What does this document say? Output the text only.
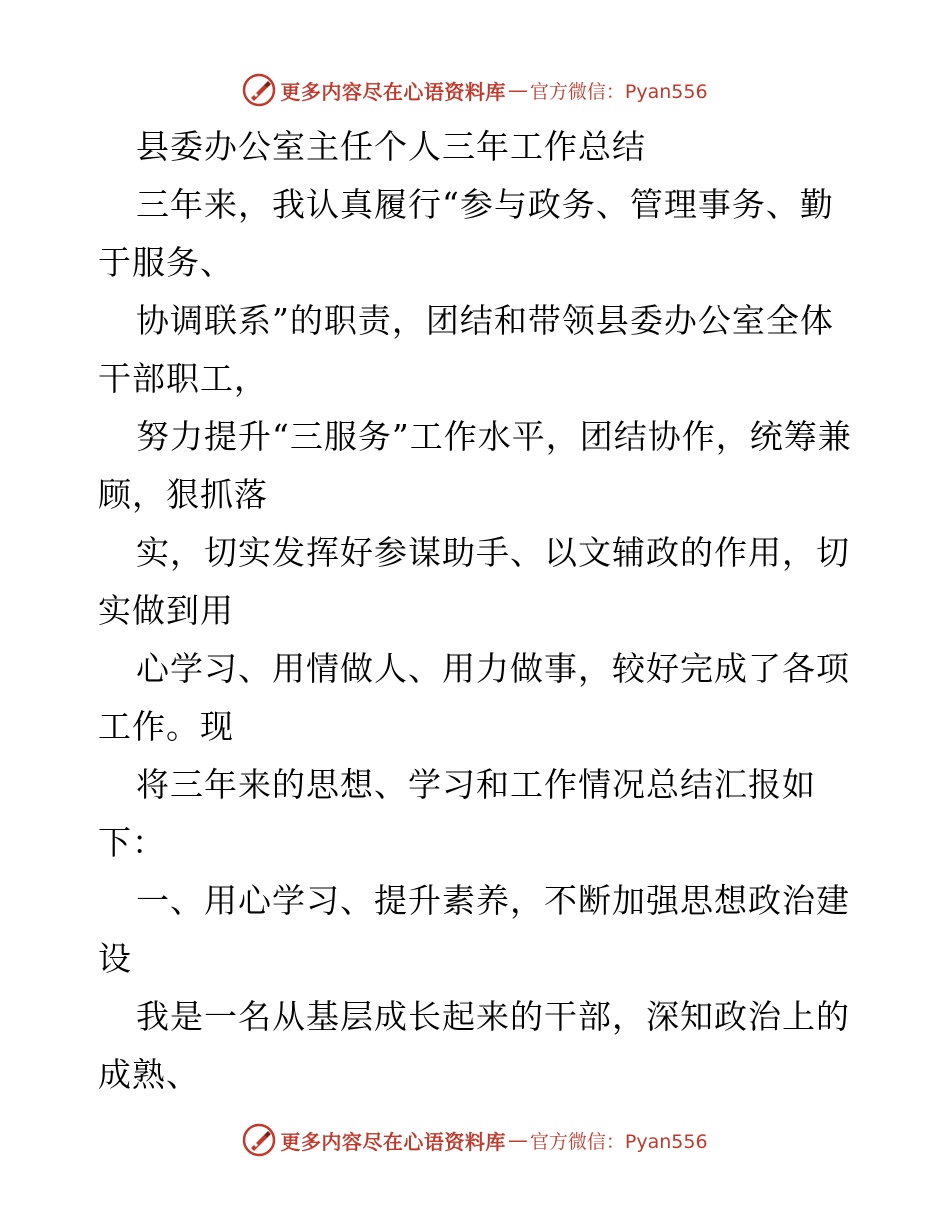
更多内容尽在心语资料库 — 官方微信：Pyan556

县委办公室主任个人三年工作总结

三年来，我认真履行“参与政务、管理事务、勤于服务、

协调联系”的职责，团结和带领县委办公室全体干部职工，

努力提升“三服务”工作水平，团结协作，统筹兼顾，狠抓落

实，切实发挥好参谋助手、以文辅政的作用，切实做到用

心学习、用情做人、用力做事，较好完成了各项工作。现

将三年来的思想、学习和工作情况总结汇报如下：

一、用心学习、提升素养，不断加强思想政治建设

我是一名从基层成长起来的干部，深知政治上的成熟、

更多内容尽在心语资料库 — 官方微信：Pyan556
